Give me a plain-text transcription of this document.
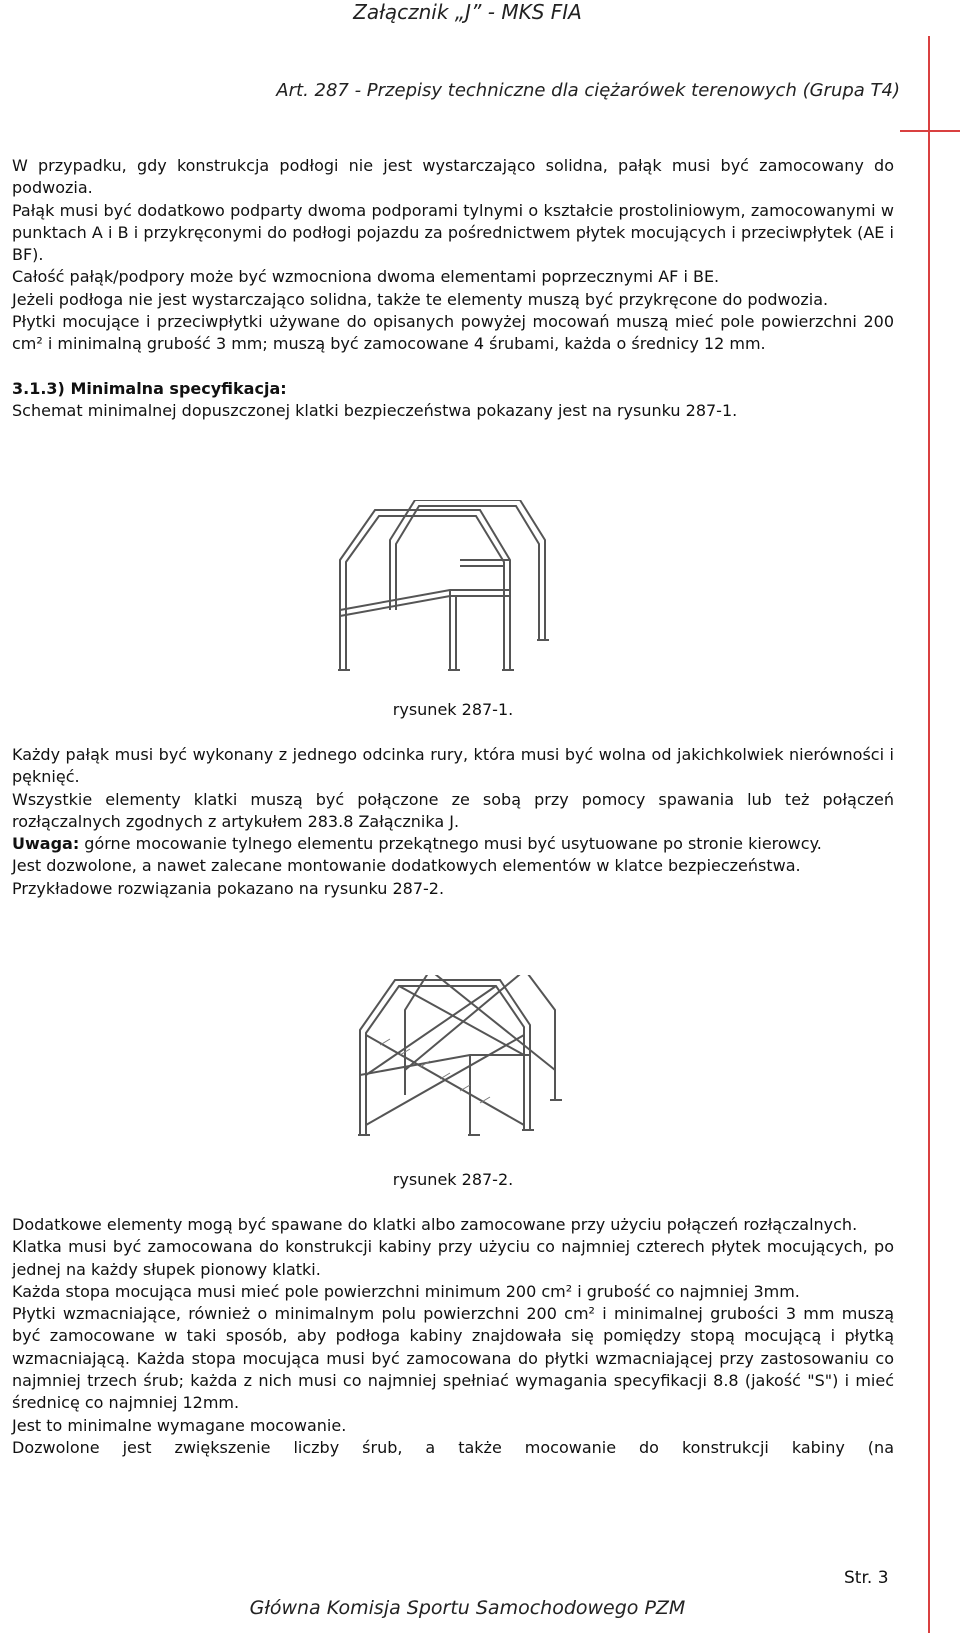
Załącznik „J” - MKS FIA
Art. 287 - Przepisy techniczne dla ciężarówek terenowych (Grupa T4)

W przypadku, gdy konstrukcja podłogi nie jest wystarczająco solidna, pałąk musi być zamocowany do podwozia.

Pałąk musi być dodatkowo podparty dwoma podporami tylnymi o kształcie prostoliniowym, zamocowanymi w punktach A i B i przykręconymi do podłogi pojazdu za pośrednictwem płytek mocujących i przeciwpłytek (AE i BF).

Całość pałąk/podpory może być wzmocniona dwoma elementami poprzecznymi AF i BE.

Jeżeli podłoga nie jest wystarczająco solidna, także te elementy muszą być przykręcone do podwozia.

Płytki mocujące i przeciwpłytki używane do opisanych powyżej mocowań muszą mieć pole powierzchni 200 cm² i minimalną grubość 3 mm; muszą być zamocowane 4 śrubami, każda o średnicy 12 mm.

3.1.3) Minimalna specyfikacja:

Schemat minimalnej dopuszczonej klatki bezpieczeństwa pokazany jest na rysunku 287-1.

rysunek 287-1.

Każdy pałąk musi być wykonany z jednego odcinka rury, która musi być wolna od jakichkolwiek nierówności i pęknięć.

Wszystkie elementy klatki muszą być połączone ze sobą przy pomocy spawania lub też połączeń rozłączalnych zgodnych z artykułem 283.8 Załącznika J.

Uwaga: górne mocowanie tylnego elementu przekątnego musi być usytuowane po stronie kierowcy.

Jest dozwolone, a nawet zalecane montowanie dodatkowych elementów w klatce bezpieczeństwa.

Przykładowe rozwiązania pokazano na rysunku 287-2.

rysunek 287-2.

Dodatkowe elementy mogą być spawane do klatki albo zamocowane przy użyciu połączeń rozłączalnych.

Klatka musi być zamocowana do konstrukcji kabiny przy użyciu co najmniej czterech płytek mocujących, po jednej na każdy słupek pionowy klatki.

Każda stopa mocująca musi mieć pole powierzchni minimum 200 cm² i grubość co najmniej 3mm.

Płytki wzmacniające, również o minimalnym polu powierzchni 200 cm² i minimalnej grubości 3 mm muszą być zamocowane w taki sposób, aby podłoga kabiny znajdowała się pomiędzy stopą mocującą i płytką wzmacniającą. Każda stopa mocująca musi być zamocowana do płytki wzmacniającej przy zastosowaniu co najmniej trzech śrub; każda z nich musi co najmniej spełniać wymagania specyfikacji 8.8 (jakość "S") i mieć średnicę co najmniej 12mm.

Jest to minimalne wymagane mocowanie.

Dozwolone jest zwiększenie liczby śrub, a także mocowanie do konstrukcji kabiny (na

Str. 3
Główna Komisja Sportu Samochodowego PZM
